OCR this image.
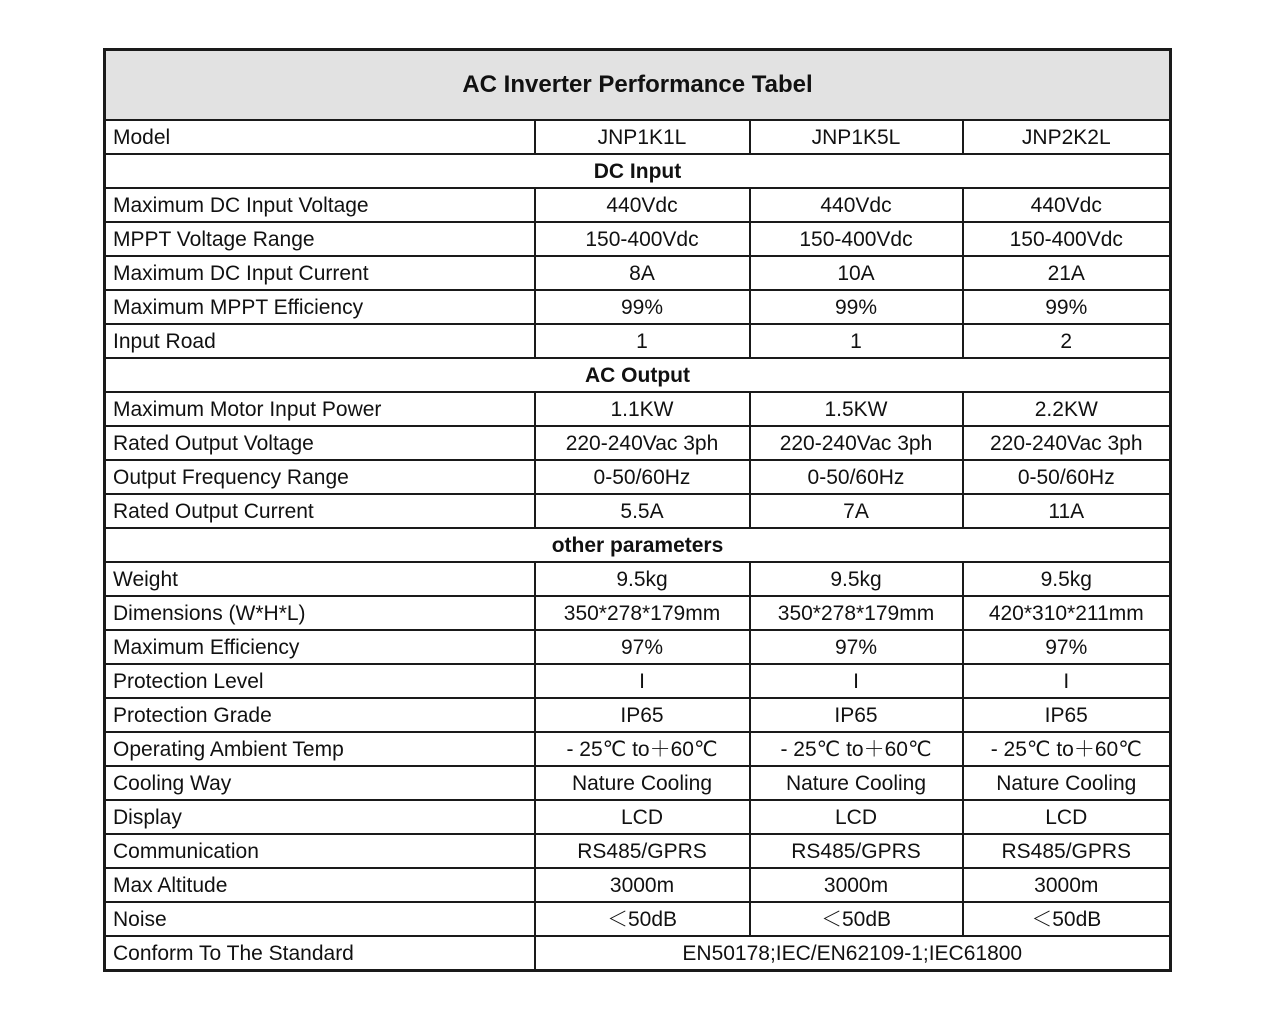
AC Inverter Performance Tabel			
Model	JNP1K1L	JNP1K5L	JNP2K2L
DC Input			
Maximum DC Input Voltage	440Vdc	440Vdc	440Vdc
MPPT Voltage Range	150-400Vdc	150-400Vdc	150-400Vdc
Maximum DC Input Current	8A	10A	21A
Maximum MPPT Efficiency	99%	99%	99%
Input Road	1	1	2
AC Output			
Maximum Motor Input Power	1.1KW	1.5KW	2.2KW
Rated Output Voltage	220-240Vac 3ph	220-240Vac 3ph	220-240Vac 3ph
Output Frequency Range	0-50/60Hz	0-50/60Hz	0-50/60Hz
Rated Output Current	5.5A	7A	11A
other parameters			
Weight	9.5kg	9.5kg	9.5kg
Dimensions (W*H*L)	350*278*179mm	350*278*179mm	420*310*211mm
Maximum Efficiency	97%	97%	97%
Protection Level	I	I	I
Protection Grade	IP65	IP65	IP65
Operating Ambient Temp	- 25℃ to＋60℃	- 25℃ to＋60℃	- 25℃ to＋60℃
Cooling Way	Nature Cooling	Nature Cooling	Nature Cooling
Display	LCD	LCD	LCD
Communication	RS485/GPRS	RS485/GPRS	RS485/GPRS
Max Altitude	3000m	3000m	3000m
Noise	＜50dB	＜50dB	＜50dB
Conform To The Standard	EN50178;IEC/EN62109-1;IEC61800		
